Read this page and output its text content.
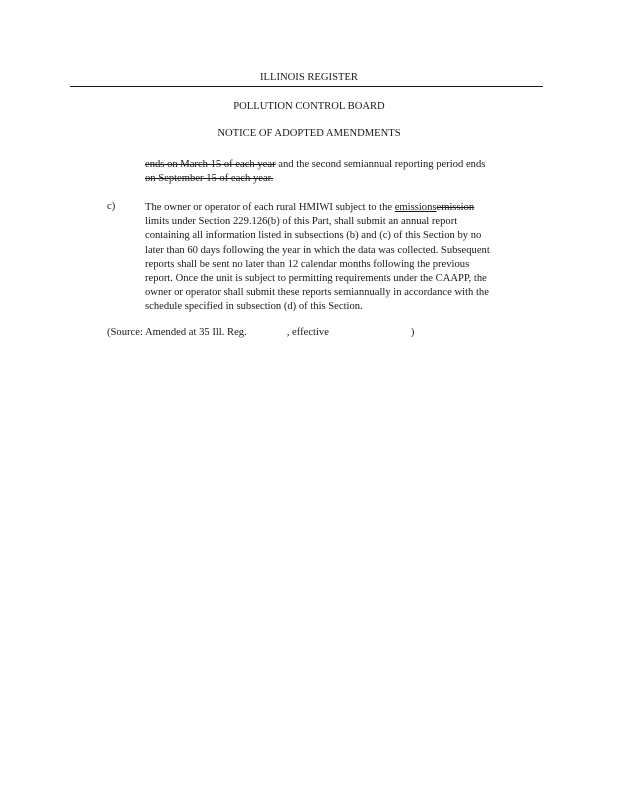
ILLINOIS REGISTER
POLLUTION CONTROL BOARD
NOTICE OF ADOPTED AMENDMENTS
ends on March 15 of each year and the second semiannual reporting period ends
on September 15 of each year.
c)	The owner or operator of each rural HMIWI subject to the emissionsemission
limits under Section 229.126(b) of this Part, shall submit an annual report
containing all information listed in subsections (b) and (c) of this Section by no
later than 60 days following the year in which the data was collected. Subsequent
reports shall be sent no later than 12 calendar months following the previous
report. Once the unit is subject to permitting requirements under the CAAPP, the
owner or operator shall submit these reports semiannually in accordance with the
schedule specified in subsection (d) of this Section.
(Source: Amended at 35 Ill. Reg.	, effective	)
